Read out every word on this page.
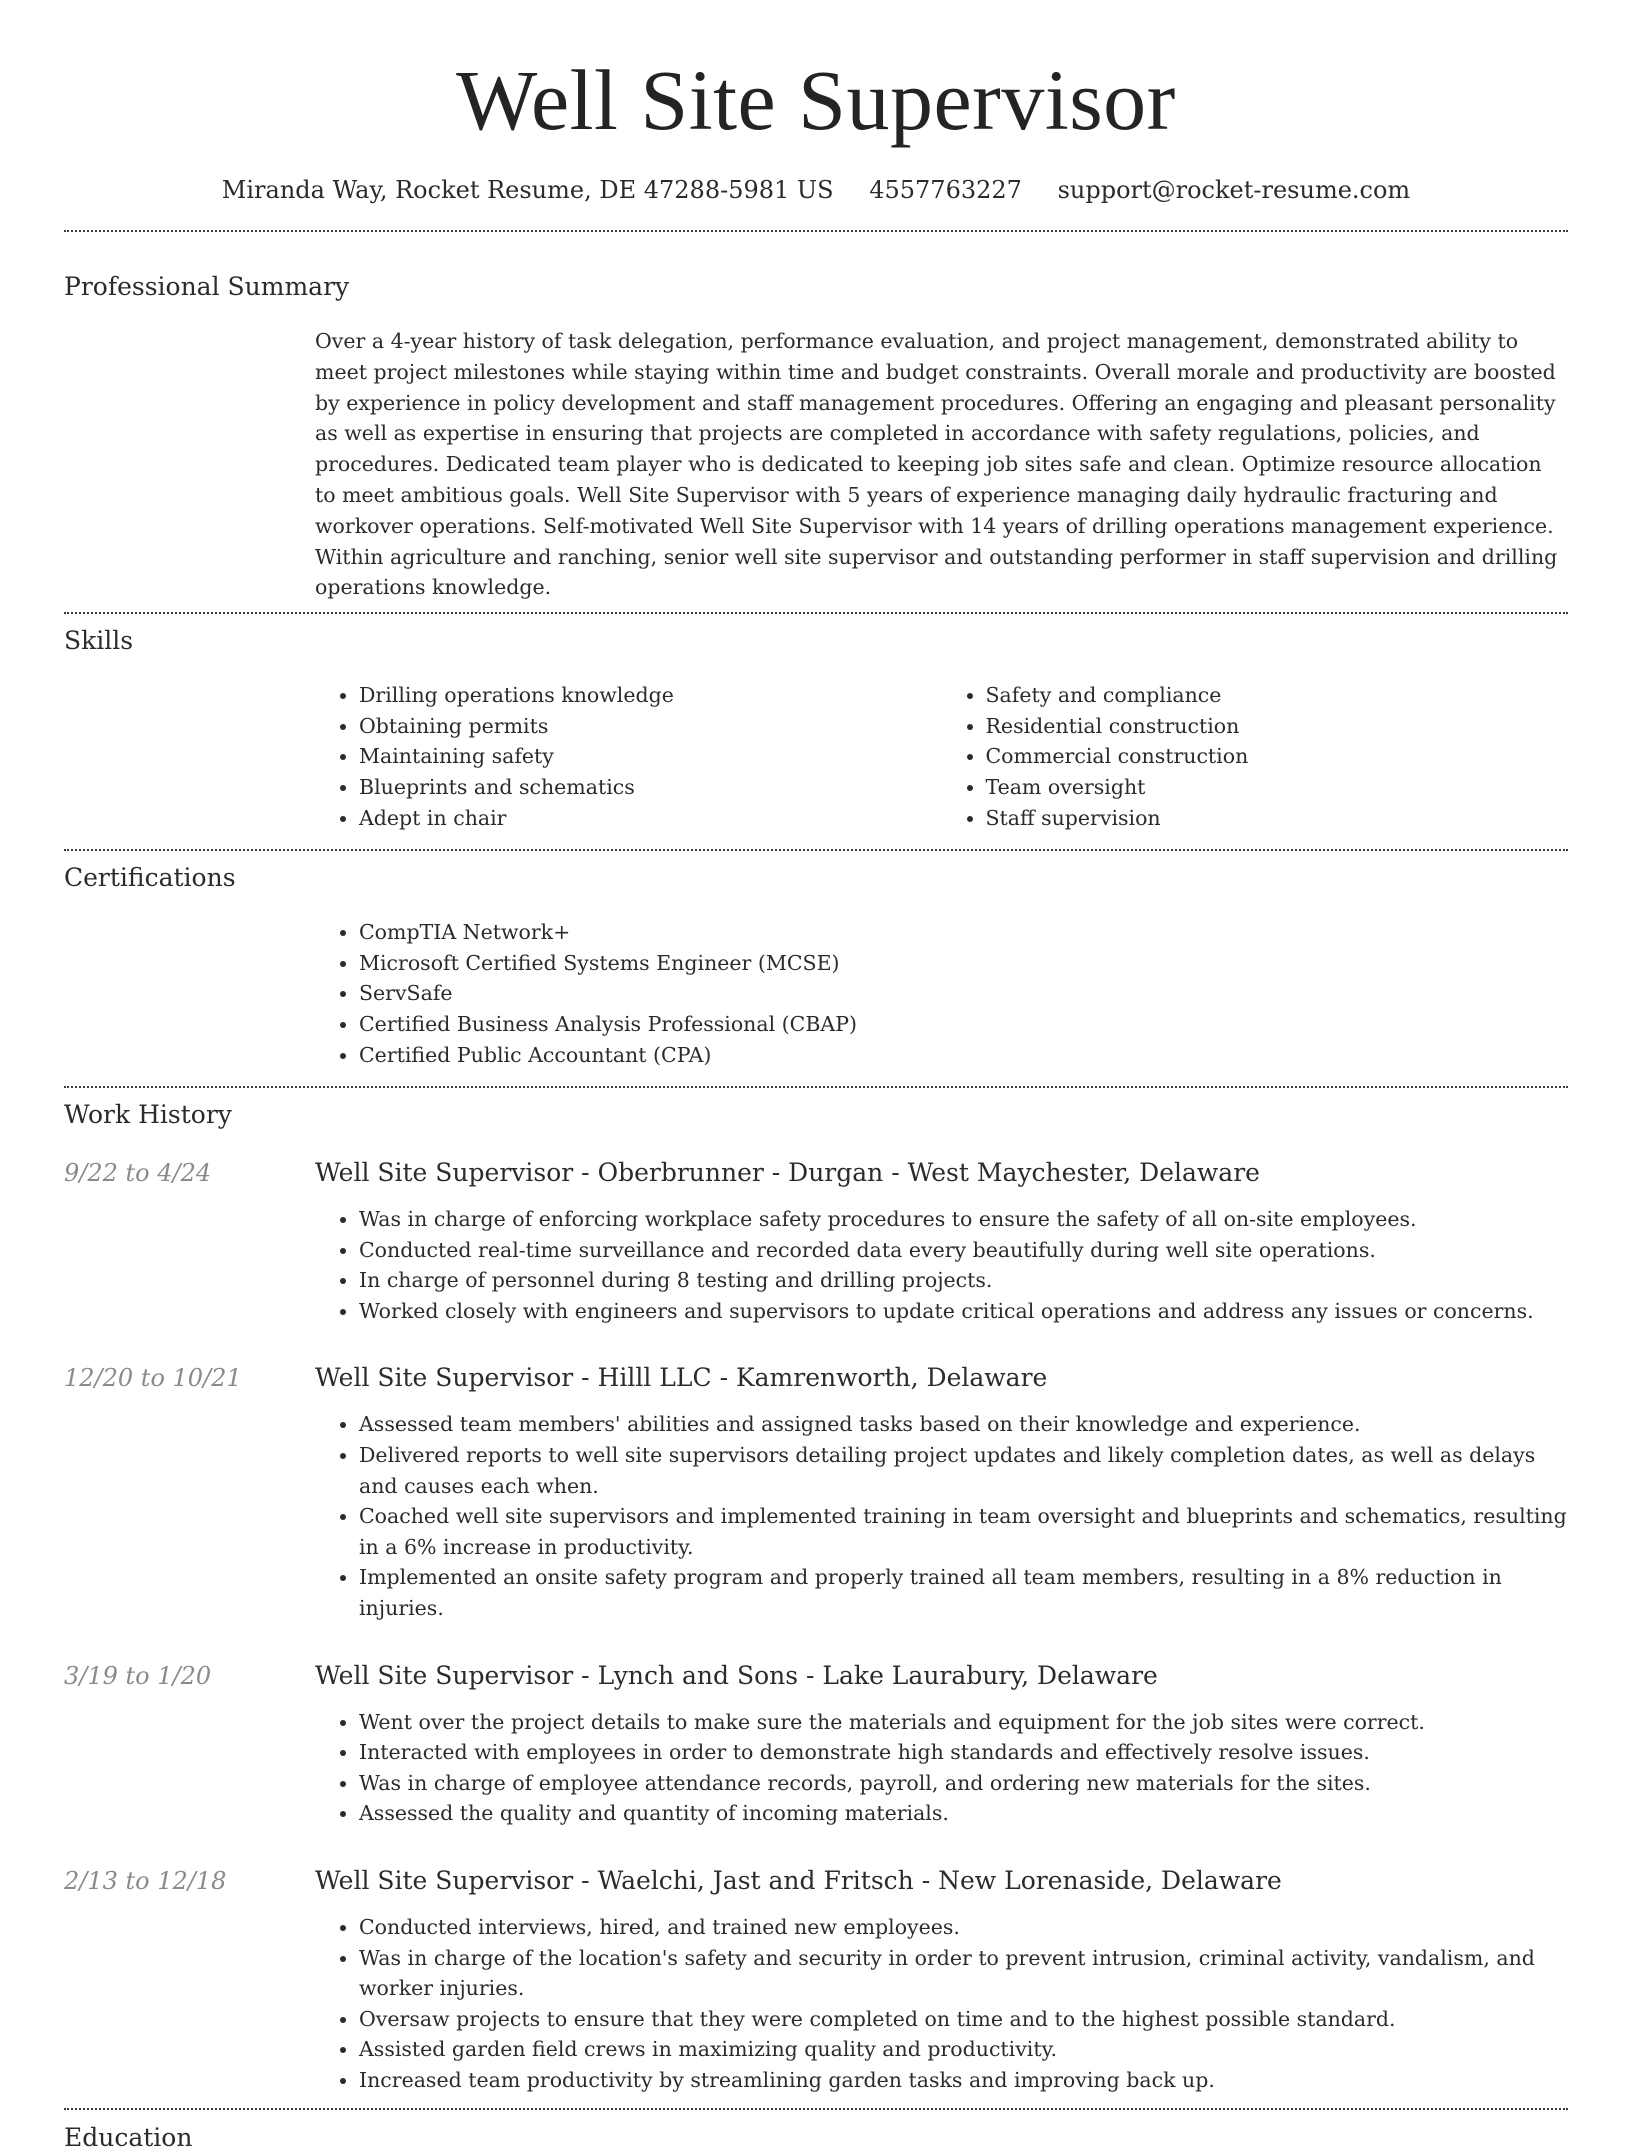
Well Site Supervisor
Miranda Way, Rocket Resume, DE 47288-5981 US 4557763227 support@rocket-resume.com
Professional Summary

Over a 4-year history of task delegation, performance evaluation, and project management, demonstrated ability to meet project milestones while staying within time and budget constraints. Overall morale and productivity are boosted by experience in policy development and staff management procedures. Offering an engaging and pleasant personality as well as expertise in ensuring that projects are completed in accordance with safety regulations, policies, and procedures. Dedicated team player who is dedicated to keeping job sites safe and clean. Optimize resource allocation to meet ambitious goals. Well Site Supervisor with 5 years of experience managing daily hydraulic fracturing and workover operations. Self-motivated Well Site Supervisor with 14 years of drilling operations management experience. Within agriculture and ranching, senior well site supervisor and outstanding performer in staff supervision and drilling operations knowledge.

Skills
• Drilling operations knowledge
• Obtaining permits
• Maintaining safety
• Blueprints and schematics
• Adept in chair
• Safety and compliance
• Residential construction
• Commercial construction
• Team oversight
• Staff supervision
Certifications
• CompTIA Network+
• Microsoft Certified Systems Engineer (MCSE)
• ServSafe
• Certified Business Analysis Professional (CBAP)
• Certified Public Accountant (CPA)
Work History
9/22 to 4/24	Well Site Supervisor - Oberbrunner - Durgan - West Maychester, Delaware
• Was in charge of enforcing workplace safety procedures to ensure the safety of all on-site employees.
• Conducted real-time surveillance and recorded data every beautifully during well site operations.
• In charge of personnel during 8 testing and drilling projects.
• Worked closely with engineers and supervisors to update critical operations and address any issues or concerns.
12/20 to 10/21	Well Site Supervisor - Hilll LLC - Kamrenworth, Delaware
• Assessed team members' abilities and assigned tasks based on their knowledge and experience.
• Delivered reports to well site supervisors detailing project updates and likely completion dates, as well as delays and causes each when.
• Coached well site supervisors and implemented training in team oversight and blueprints and schematics, resulting in a 6% increase in productivity.
• Implemented an onsite safety program and properly trained all team members, resulting in a 8% reduction in injuries.
3/19 to 1/20	Well Site Supervisor - Lynch and Sons - Lake Laurabury, Delaware
• Went over the project details to make sure the materials and equipment for the job sites were correct.
• Interacted with employees in order to demonstrate high standards and effectively resolve issues.
• Was in charge of employee attendance records, payroll, and ordering new materials for the sites.
• Assessed the quality and quantity of incoming materials.
2/13 to 12/18	Well Site Supervisor - Waelchi, Jast and Fritsch - New Lorenaside, Delaware
• Conducted interviews, hired, and trained new employees.
• Was in charge of the location's safety and security in order to prevent intrusion, criminal activity, vandalism, and worker injuries.
• Oversaw projects to ensure that they were completed on time and to the highest possible standard.
• Assisted garden field crews in maximizing quality and productivity.
• Increased team productivity by streamlining garden tasks and improving back up.
Education
